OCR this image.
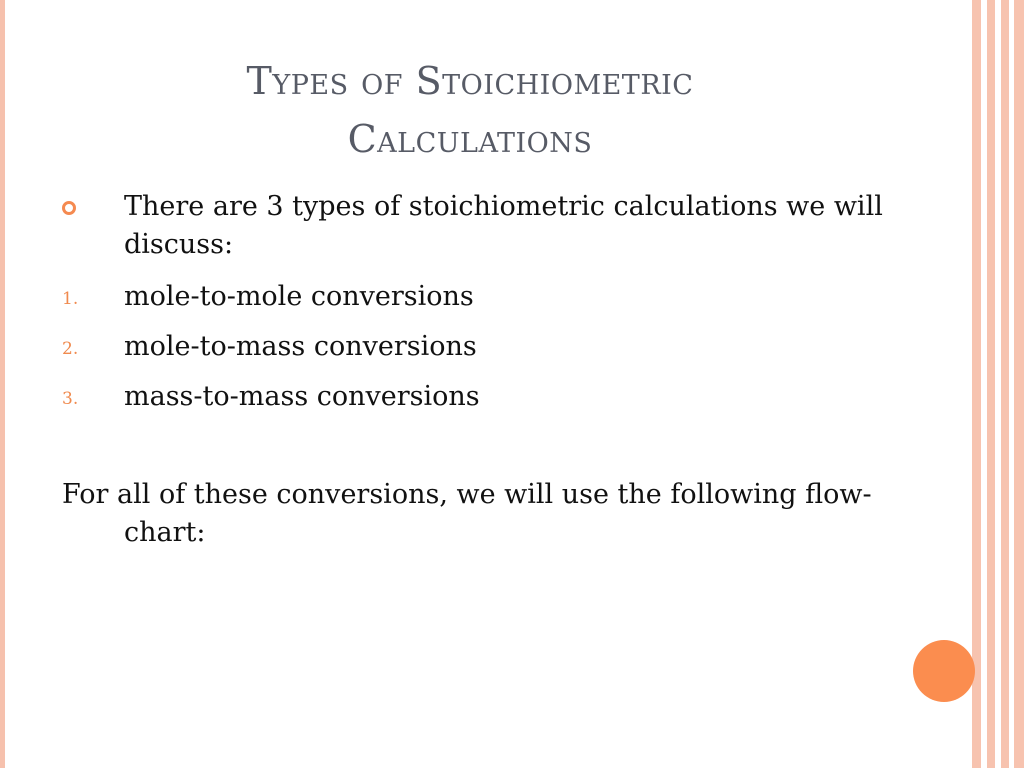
Types of Stoichiometric
Calculations
There are 3 types of stoichiometric calculations we will discuss:
1. mole-to-mole conversions
2. mole-to-mass conversions
3. mass-to-mass conversions
For all of these conversions, we will use the following flow-chart:
